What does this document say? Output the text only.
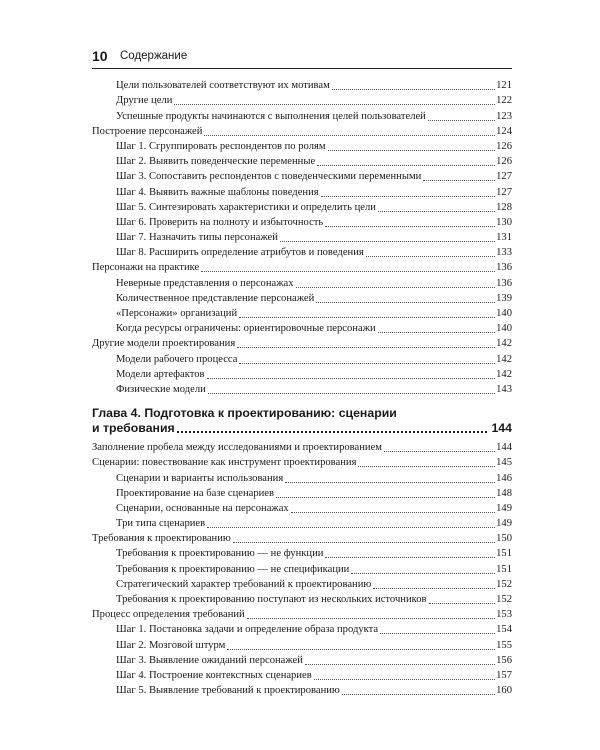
10 Содержание
Цели пользователей соответствуют их мотивам	121
Другие цели	122
Успешные продукты начинаются с выполнения целей пользователей	123
Построение персонажей	124
Шаг 1. Сгруппировать респондентов по ролям	126
Шаг 2. Выявить поведенческие переменные	126
Шаг 3. Сопоставить респондентов с поведенческими переменными	127
Шаг 4. Выявить важные шаблоны поведения	127
Шаг 5. Синтезировать характеристики и определить цели	128
Шаг 6. Проверить на полноту и избыточность	130
Шаг 7. Назначить типы персонажей	131
Шаг 8. Расширить определение атрибутов и поведения	133
Персонажи на практике	136
Неверные представления о персонажах	136
Количественное представление персонажей	139
«Персонажи» организаций	140
Когда ресурсы ограничены: ориентировочные персонажи	140
Другие модели проектирования	142
Модели рабочего процесса	142
Модели артефактов	142
Физические модели	143
Глава 4. Подготовка к проектированию: сценарии
и требования	144
Заполнение пробела между исследованиями и проектированием	144
Сценарии: повествование как инструмент проектирования	145
Сценарии и варианты использования	146
Проектирование на базе сценариев	148
Сценарии, основанные на персонажах	149
Три типа сценариев	149
Требования к проектированию	150
Требования к проектированию — не функции	151
Требования к проектированию — не спецификации	151
Стратегический характер требований к проектированию	152
Требования к проектированию поступают из нескольких источников	152
Процесс определения требований	153
Шаг 1. Постановка задачи и определение образа продукта	154
Шаг 2. Мозговой штурм	155
Шаг 3. Выявление ожиданий персонажей	156
Шаг 4. Построение контекстных сценариев	157
Шаг 5. Выявление требований к проектированию	160
